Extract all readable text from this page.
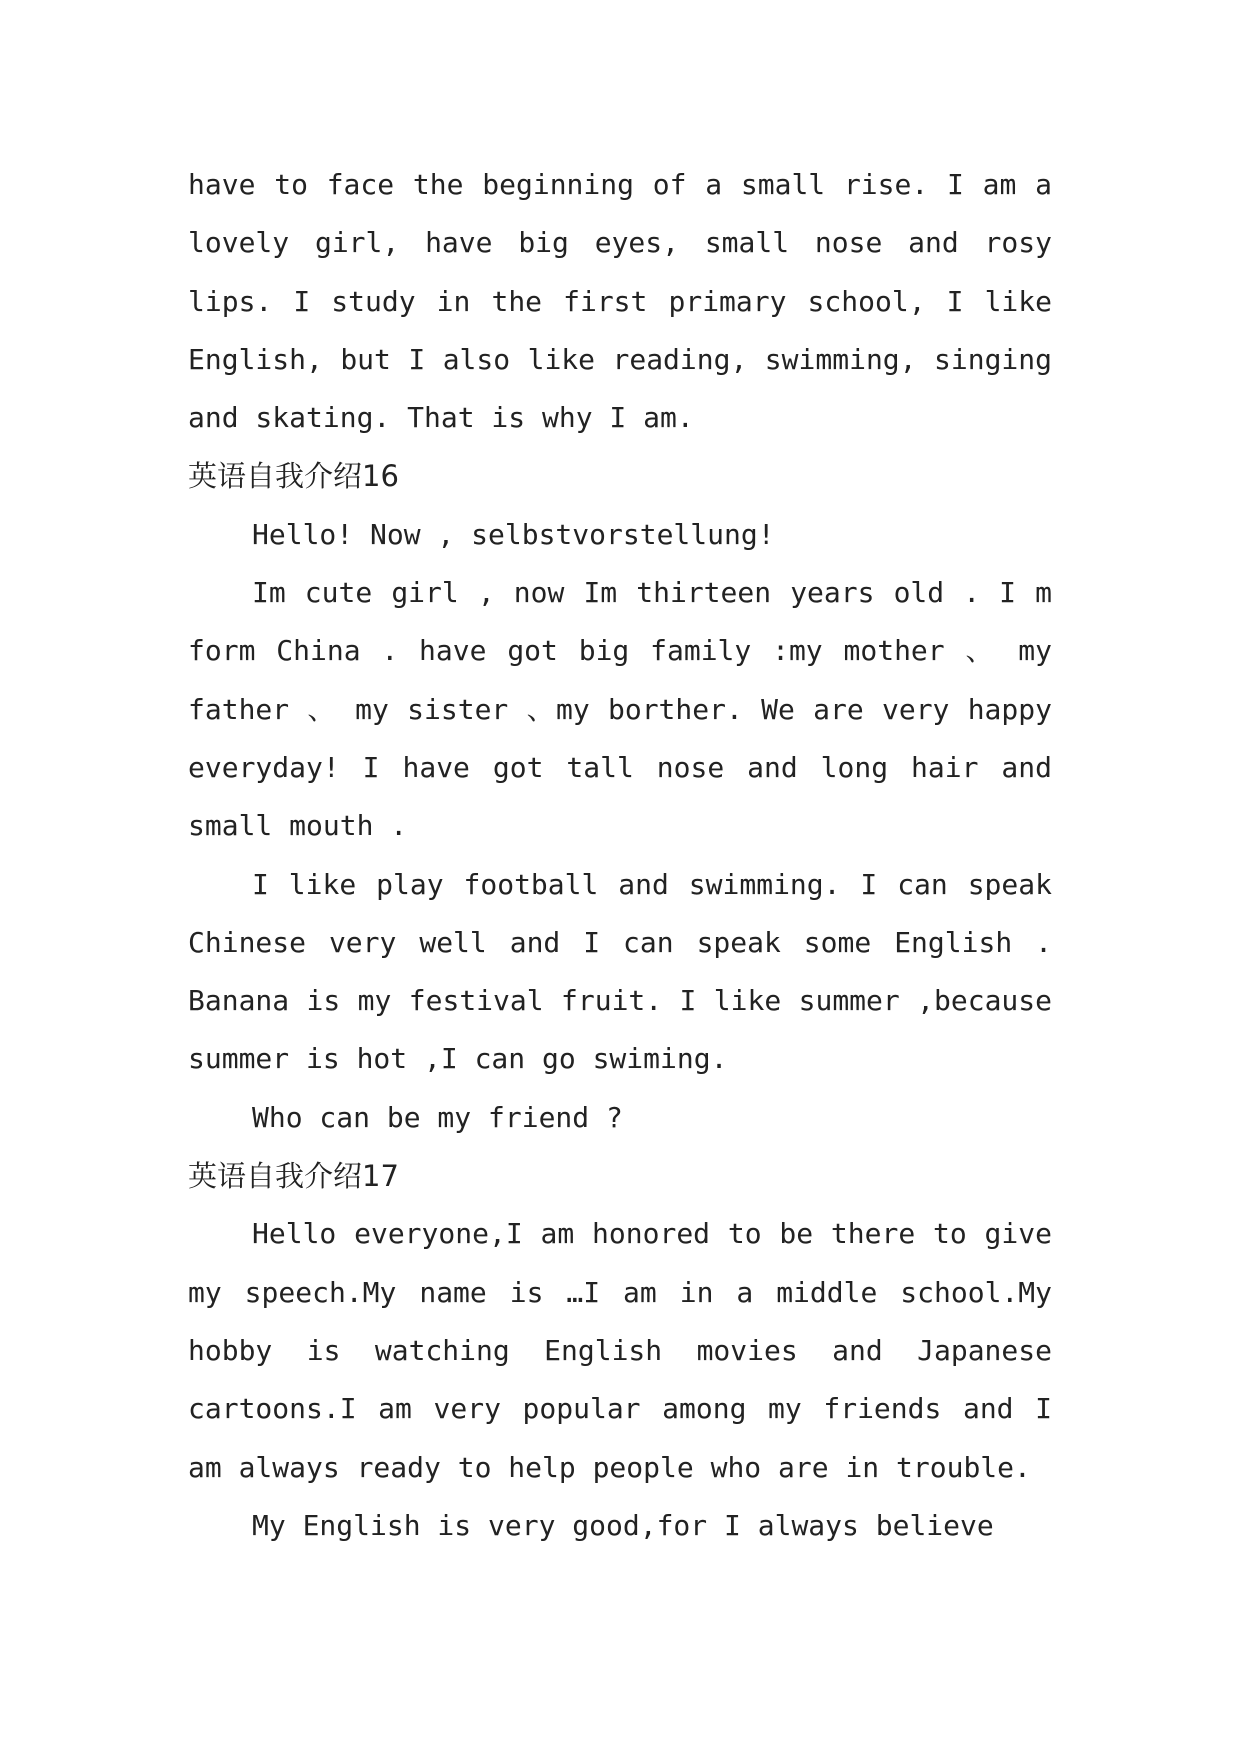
have to face the beginning of a small rise. I am a lovely girl, have big eyes, small nose and rosy lips. I study in the first primary school, I like English, but I also like reading, swimming, singing and skating. That is why I am.

英语自我介绍16

Hello! Now , selbstvorstellung!

Im cute girl , now Im thirteen years old . I m form China . have got big family :my mother 、 my father 、 my sister 、my borther. We are very happy everyday! I have got tall nose and long hair and small mouth .

I like play football and swimming. I can speak Chinese very well and I can speak some English . Banana is my festival fruit. I like summer ,because summer is hot ,I can go swiming.

Who can be my friend ?

英语自我介绍17

Hello everyone,I am honored to be there to give my speech.My name is …I am in a middle school.My hobby is watching English movies and Japanese cartoons.I am very popular among my friends and I am always ready to help people who are in trouble.

My English is very good,for I always believe
